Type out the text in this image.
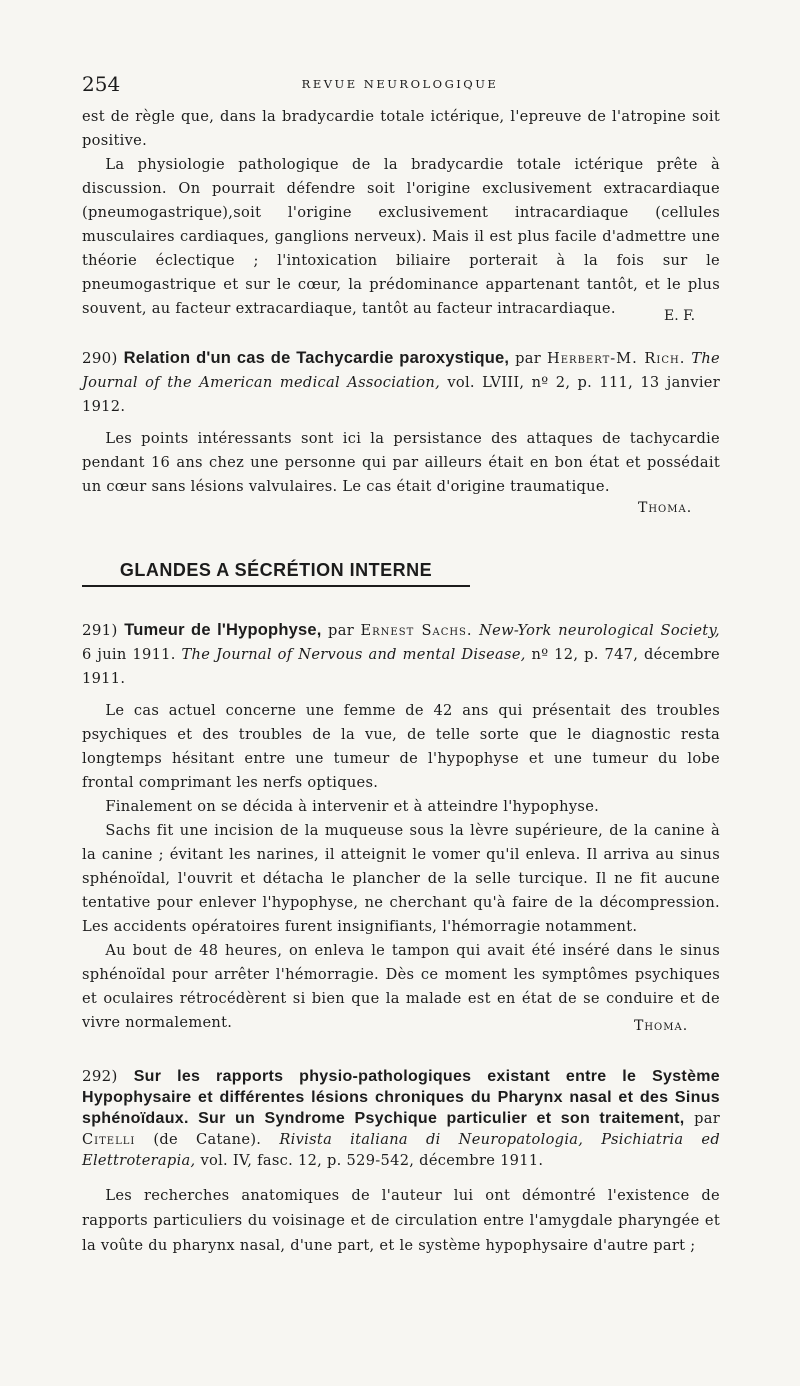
254	REVUE NEUROLOGIQUE
est de règle que, dans la bradycardie totale ictérique, l'epreuve de l'atropine soit positive.
La physiologie pathologique de la bradycardie totale ictérique prête à discussion. On pourrait défendre soit l'origine exclusivement extracardiaque (pneumogastrique),soit l'origine exclusivement intracardiaque (cellules musculaires cardiaques, ganglions nerveux). Mais il est plus facile d'admettre une théorie éclectique ; l'intoxication biliaire porterait à la fois sur le pneumogastrique et sur le cœur, la prédominance appartenant tantôt, et le plus souvent, au facteur extracardiaque, tantôt au facteur intracardiaque.	E. F.
290) Relation d'un cas de Tachycardie paroxystique, par Herbert-M. Rich. The Journal of the American medical Association, vol. LVIII, nº 2, p. 111, 13 janvier 1912.
Les points intéressants sont ici la persistance des attaques de tachycardie pendant 16 ans chez une personne qui par ailleurs était en bon état et possédait un cœur sans lésions valvulaires. Le cas était d'origine traumatique.
Thoma.
GLANDES A SÉCRÉTION INTERNE
291) Tumeur de l'Hypophyse, par Ernest Sachs. New-York neurological Society, 6 juin 1911. The Journal of Nervous and mental Disease, nº 12, p. 747, décembre 1911.
Le cas actuel concerne une femme de 42 ans qui présentait des troubles psychiques et des troubles de la vue, de telle sorte que le diagnostic resta longtemps hésitant entre une tumeur de l'hypophyse et une tumeur du lobe frontal comprimant les nerfs optiques.
Finalement on se décida à intervenir et à atteindre l'hypophyse.
Sachs fit une incision de la muqueuse sous la lèvre supérieure, de la canine à la canine ; évitant les narines, il atteignit le vomer qu'il enleva. Il arriva au sinus sphénoïdal, l'ouvrit et détacha le plancher de la selle turcique. Il ne fit aucune tentative pour enlever l'hypophyse, ne cherchant qu'à faire de la décompression. Les accidents opératoires furent insignifiants, l'hémorragie notamment.
Au bout de 48 heures, on enleva le tampon qui avait été inséré dans le sinus sphénoïdal pour arrêter l'hémorragie. Dès ce moment les symptômes psychiques et oculaires rétrocédèrent si bien que la malade est en état de se conduire et de vivre normalement.	Thoma.
292) Sur les rapports physio-pathologiques existant entre le Système Hypophysaire et différentes lésions chroniques du Pharynx nasal et des Sinus sphénoïdaux. Sur un Syndrome Psychique particulier et son traitement, par Citelli (de Catane). Rivista italiana di Neuropatologia, Psichiatria ed Elettroterapia, vol. IV, fasc. 12, p. 529-542, décembre 1911.
Les recherches anatomiques de l'auteur lui ont démontré l'existence de rapports particuliers du voisinage et de circulation entre l'amygdale pharyngée et la voûte du pharynx nasal, d'une part, et le système hypophysaire d'autre part ;
